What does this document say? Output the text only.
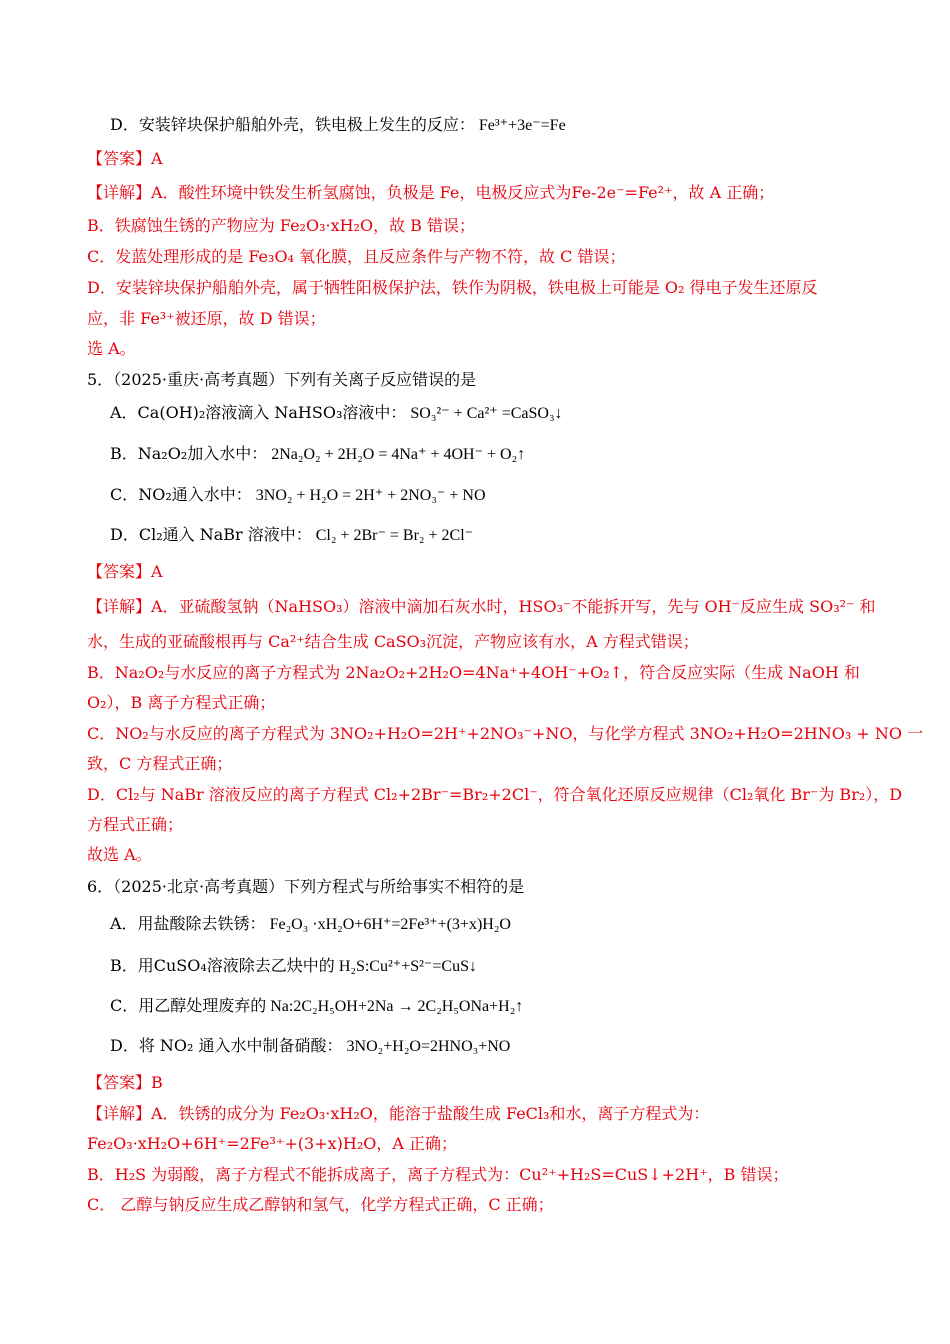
D．安装锌块保护船舶外壳，铁电极上发生的反应： Fe³⁺+3e⁻=Fe
【答案】A
【详解】A．酸性环境中铁发生析氢腐蚀，负极是 Fe，电极反应式为Fe-2e⁻=Fe²⁺，故 A 正确；
B．铁腐蚀生锈的产物应为 Fe₂O₃·xH₂O，故 B 错误；
C．发蓝处理形成的是 Fe₃O₄ 氧化膜，且反应条件与产物不符，故 C 错误；
D．安装锌块保护船舶外壳，属于牺牲阳极保护法，铁作为阴极，铁电极上可能是 O₂ 得电子发生还原反
应，非 Fe³⁺被还原，故 D 错误；
选 A。
5．（2025·重庆·高考真题）下列有关离子反应错误的是
A．Ca(OH)₂溶液滴入 NaHSO₃溶液中： SO₃²⁻ + Ca²⁺ =CaSO₃↓
B．Na₂O₂加入水中： 2Na₂O₂ + 2H₂O = 4Na⁺ + 4OH⁻ + O₂↑
C．NO₂通入水中： 3NO₂ + H₂O = 2H⁺ + 2NO₃⁻ + NO
D．Cl₂通入 NaBr 溶液中： Cl₂ + 2Br⁻ = Br₂ + 2Cl⁻
【答案】A
【详解】A．亚硫酸氢钠（NaHSO₃）溶液中滴加石灰水时，HSO₃⁻不能拆开写，先与 OH⁻反应生成 SO₃²⁻ 和
水，生成的亚硫酸根再与 Ca²⁺结合生成 CaSO₃沉淀，产物应该有水，A 方程式错误；
B．Na₂O₂与水反应的离子方程式为 2Na₂O₂+2H₂O=4Na⁺+4OH⁻+O₂↑，符合反应实际（生成 NaOH 和
O₂），B 离子方程式正确；
C．NO₂与水反应的离子方程式为 3NO₂+H₂O=2H⁺+2NO₃⁻+NO，与化学方程式 3NO₂+H₂O=2HNO₃ + NO 一
致，C 方程式正确；
D．Cl₂与 NaBr 溶液反应的离子方程式 Cl₂+2Br⁻=Br₂+2Cl⁻，符合氧化还原反应规律（Cl₂氧化 Br⁻为 Br₂），D
方程式正确；
故选 A。
6．（2025·北京·高考真题）下列方程式与所给事实不相符的是
A．用盐酸除去铁锈： Fe₂O₃ ·xH₂O+6H⁺=2Fe³⁺+(3+x)H₂O
B．用CuSO₄溶液除去乙炔中的 H₂S:Cu²⁺+S²⁻=CuS↓
C．用乙醇处理废弃的 Na:2C₂H₅OH+2Na → 2C₂H₅ONa+H₂↑
D．将 NO₂ 通入水中制备硝酸： 3NO₂+H₂O=2HNO₃+NO
【答案】B
【详解】A．铁锈的成分为 Fe₂O₃·xH₂O，能溶于盐酸生成 FeCl₃和水，离子方程式为：
Fe₂O₃·xH₂O+6H⁺=2Fe³⁺+(3+x)H₂O，A 正确；
B．H₂S 为弱酸，离子方程式不能拆成离子，离子方程式为：Cu²⁺+H₂S=CuS↓+2H⁺，B 错误；
C． 乙醇与钠反应生成乙醇钠和氢气，化学方程式正确，C 正确；
